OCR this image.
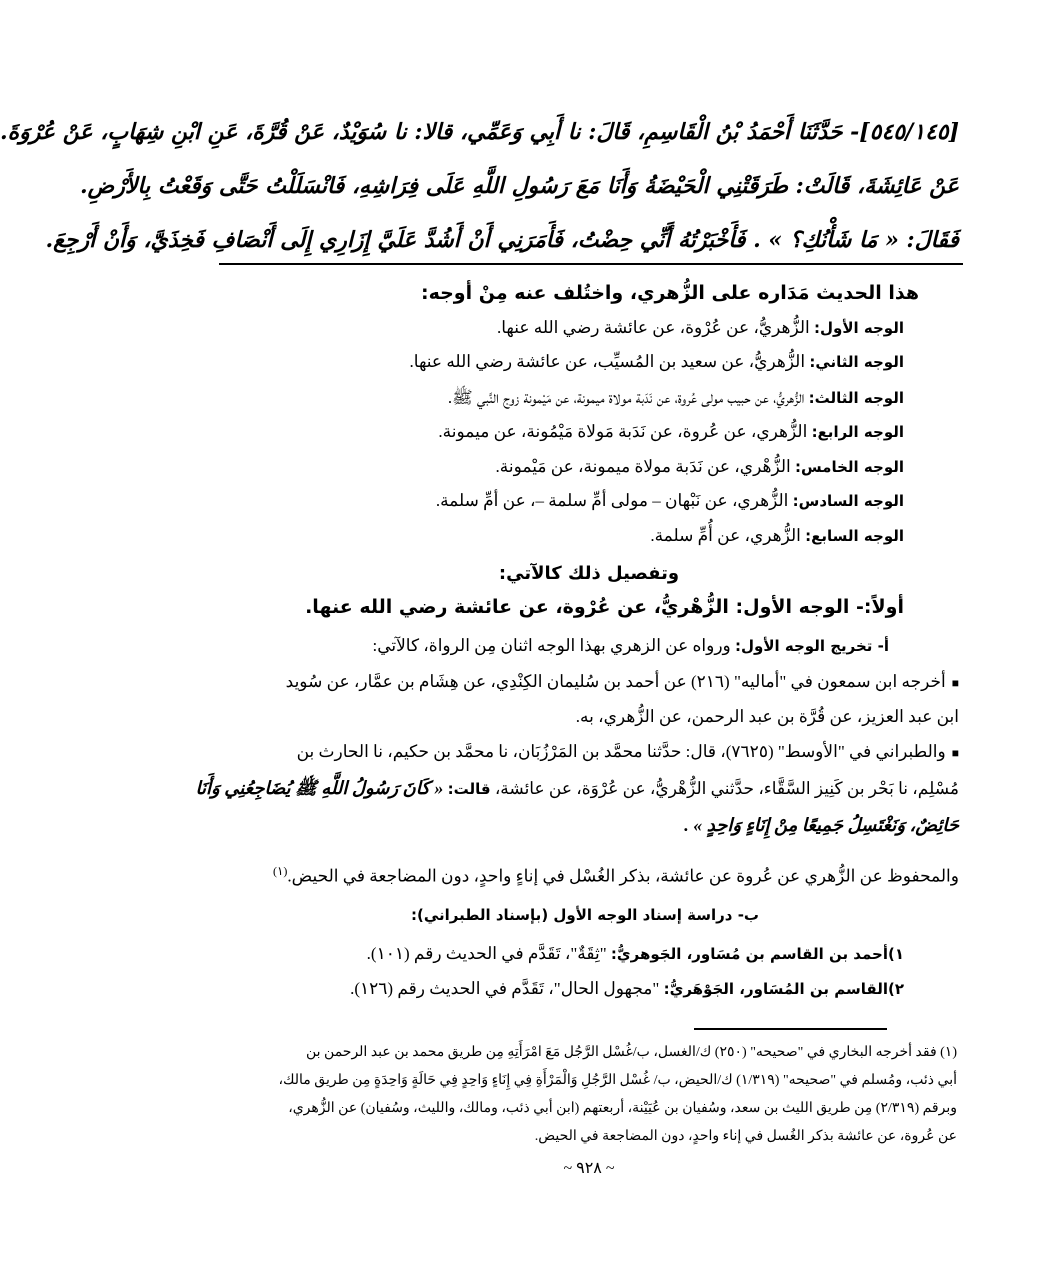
[٥٤٥/١٤٥]- حَدَّثَنَا أَحْمَدُ بْنُ الْقَاسِمِ، قَالَ: نا أَبِي وَعَمِّي، قالا: نا سُوَيْدٌ، عَنْ قُرَّةَ، عَنِ ابْنِ شِهَابٍ، عَنْ عُرْوَةَ.
عَنْ عَائِشَةَ، قَالَتْ: طَرَقَتْنِي الْحَيْضَةُ وَأَنَا مَعَ رَسُولِ اللَّهِ عَلَى فِرَاشِهِ، فَانْسَلَلْتُ حَتَّى وَقَعْتُ بِالأَرْضِ.
فَقَالَ: « مَا شَأْنُكِ؟ » . فَأَخْبَرْتُهُ أَنِّي حِضْتُ، فَأَمَرَنِي أَنْ أَشُدَّ عَلَيَّ إِزَارِي إِلَى أَنْصَافِ فَخِذَيَّ، وَأَنْ أَرْجِعَ.
هذا الحديث مَدَاره على الزُّهري، واختُلف عنه مِنْ أوجه:
الوجه الأول: الزُّهريُّ، عن عُرْوة، عن عائشة رضي الله عنها.
الوجه الثاني: الزُّهريُّ، عن سعيد بن المُسيِّب، عن عائشة رضي الله عنها.
الوجه الثالث: الزُّهريُّ، عن حبيب مولى عُروة، عن نَدَبة مولاة ميمونة، عن مَيْمونة زوج النَّبي ﷺ.
الوجه الرابع: الزُّهري، عن عُروة، عن نَدَبة مَولاة مَيْمُونة، عن ميمونة.
الوجه الخامس: الزُّهْري، عن نَدَبة مولاة ميمونة، عن مَيْمونة.
الوجه السادس: الزُّهري، عن نَبْهان – مولى أمِّ سلمة –، عن أمِّ سلمة.
الوجه السابع: الزُّهري، عن أُمِّ سلمة.
وتفصيل ذلك كالآتي:
أولاً:- الوجه الأول: الزُّهْريُّ، عن عُرْوة، عن عائشة رضي الله عنها.
أ- تخريج الوجه الأول: ورواه عن الزهري بهذا الوجه اثنان مِن الرواة، كالآتي:
■أخرجه ابن سمعون في "أماليه" (٢١٦) عن أحمد بن سُليمان الكِنْدِي، عن هِشَام بن عمَّار، عن سُويد
ابن عبد العزيز، عن قُرَّة بن عبد الرحمن، عن الزُّهري، به.
■والطبراني في "الأوسط" (٧٦٢٥)، قال: حدَّثنا محمَّد بن المَرْزُبَان، نا محمَّد بن حكيم، نا الحارث بن
مُسْلِم، نا بَحْر بن كَنِيز السَّقَّاء، حدَّثني الزُّهْريُّ، عن عُرْوَة، عن عائشة، قالت: « كَانَ رَسُولُ اللَّهِ ﷺ يُضَاجِعُنِي وَأَنَا
حَائِضٌ، وَنَغْتَسِلُ جَمِيعًا مِنْ إِنَاءٍ وَاحِدٍ » .
والمحفوظ عن الزُّهري عن عُروة عن عائشة، بذكر الغُسْل في إناءٍ واحدٍ، دون المضاجعة في الحيض.$^{(١)}$
ب- دراسة إسناد الوجه الأول (بإسناد الطبراني):
١)أحمد بن القاسم بن مُسَاور، الجَوهريُّ: "ثِقَةٌ"، تَقَدَّم في الحديث رقم (١٠١).
٢)القاسم بن المُسَاور، الجَوْهَريُّ: "مجهول الحال"، تَقَدَّم في الحديث رقم (١٢٦).
(١) فقد أخرجه البخاري في "صحيحه" (٢٥٠) ك/الغسل، ب/غُسْل الرَّجُل مَعَ امْرَأَتِهِ مِن طريق محمد بن عبد الرحمن بن
أبي ذئب، ومُسلم في "صحيحه" (١/٣١٩) ك/الحيض، ب/ غُسْل الرَّجُلِ وَالْمَرْأَةِ فِي إِنَاءٍ وَاحِدٍ فِي حَالَةٍ وَاحِدَةٍ مِن طريق مالك،
وبرقم (٢/٣١٩) مِن طريق الليث بن سعد، وسُفيان بن عُيَيْنة، أربعتهم (ابن أبي ذئب، ومالك، والليث، وسُفيان) عن الزُّهري،
عن عُروة، عن عائشة بذكر الغُسل في إناء واحدٍ، دون المضاجعة في الحيض.
~ ٩٢٨ ~
